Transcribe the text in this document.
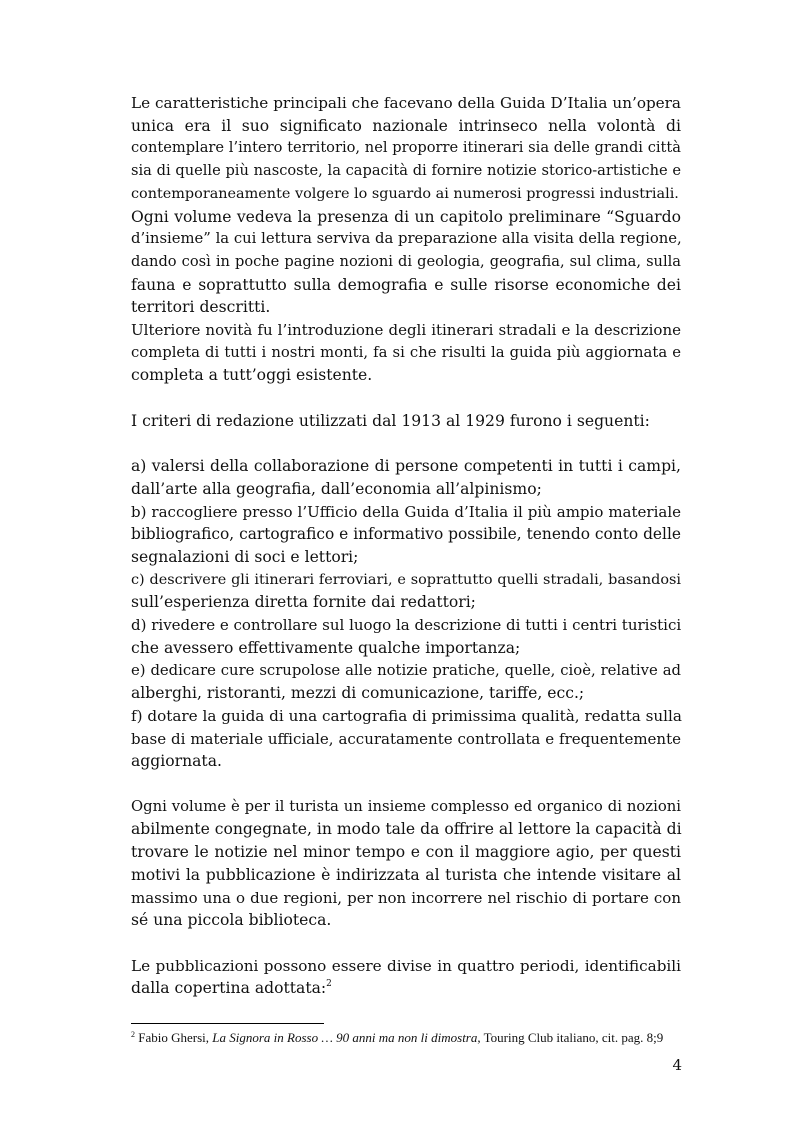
Le caratteristiche principali che facevano della Guida D’Italia un’opera
unica era il suo significato nazionale intrinseco nella volontà di
contemplare l’intero territorio, nel proporre itinerari sia delle grandi città
sia di quelle più nascoste, la capacità di fornire notizie storico-artistiche e
contemporaneamente volgere lo sguardo ai numerosi progressi industriali.
Ogni volume vedeva la presenza di un capitolo preliminare “Sguardo
d’insieme” la cui lettura serviva da preparazione alla visita della regione,
dando così in poche pagine nozioni di geologia, geografia, sul clima, sulla
fauna e soprattutto sulla demografia e sulle risorse economiche dei
territori descritti.
Ulteriore novità fu l’introduzione degli itinerari stradali e la descrizione
completa di tutti i nostri monti, fa si che risulti la guida più aggiornata e
completa a tutt’oggi esistente.
I criteri di redazione utilizzati dal 1913 al 1929 furono i seguenti:
a) valersi della collaborazione di persone competenti in tutti i campi,
dall’arte alla geografia, dall’economia all’alpinismo;
b) raccogliere presso l’Ufficio della Guida d’Italia il più ampio materiale
bibliografico, cartografico e informativo possibile, tenendo conto delle
segnalazioni di soci e lettori;
c) descrivere gli itinerari ferroviari, e soprattutto quelli stradali, basandosi
sull’esperienza diretta fornite dai redattori;
d) rivedere e controllare sul luogo la descrizione di tutti i centri turistici
che avessero effettivamente qualche importanza;
e) dedicare cure scrupolose alle notizie pratiche, quelle, cioè, relative ad
alberghi, ristoranti, mezzi di comunicazione, tariffe, ecc.;
f) dotare la guida di una cartografia di primissima qualità, redatta sulla
base di materiale ufficiale, accuratamente controllata e frequentemente
aggiornata.
Ogni volume è per il turista un insieme complesso ed organico di nozioni
abilmente congegnate, in modo tale da offrire al lettore la capacità di
trovare le notizie nel minor tempo e con il maggiore agio, per questi
motivi la pubblicazione è indirizzata al turista che intende visitare al
massimo una o due regioni, per non incorrere nel rischio di portare con
sé una piccola biblioteca.
Le pubblicazioni possono essere divise in quattro periodi, identificabili
dalla copertina adottata:$^2$
$^2$ Fabio Ghersi, La Signora in Rosso … 90 anni ma non li dimostra, Touring Club italiano, cit. pag. 8;9
4
